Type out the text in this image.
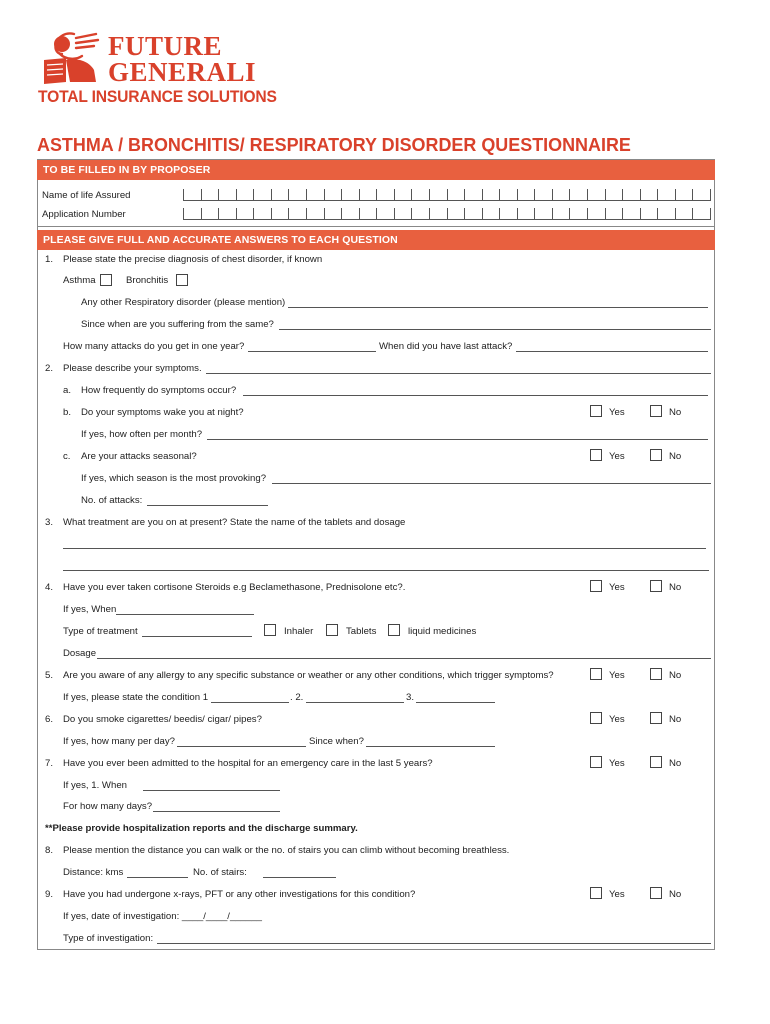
FUTURE
GENERALI
TOTAL INSURANCE SOLUTIONS
ASTHMA / BRONCHITIS/ RESPIRATORY DISORDER QUESTIONNAIRE
TO BE FILLED IN BY PROPOSER
Name of life Assured
Application Number
PLEASE GIVE FULL AND ACCURATE ANSWERS TO EACH QUESTION
1. Please state the precise diagnosis of chest disorder, if known
Asthma	Bronchitis
Any other Respiratory disorder (please mention)
Since when are you suffering from the same?
How many attacks do you get in one year?	When did you have last attack?
2. Please describe your symptoms.
a. How frequently do symptoms occur?
b. Do your symptoms wake you at night?	Yes	No
If yes, how often per month?
c. Are your attacks seasonal?	Yes	No
If yes, which season is the most provoking?
No. of attacks:
3. What treatment are you on at present? State the name of the tablets and dosage
4. Have you ever taken cortisone Steroids e.g Beclamethasone, Prednisolone etc?.	Yes	No
If yes, When
Type of treatment	Inhaler	Tablets	liquid medicines
Dosage
5. Are you aware of any allergy to any specific substance or weather or any other conditions, which trigger symptoms?	Yes	No
If yes, please state the condition 1	. 2.	3.
6. Do you smoke cigarettes/ beedis/ cigar/ pipes?	Yes	No
If yes, how many per day?	Since when?
7. Have you ever been admitted to the hospital for an emergency care in the last 5 years?	Yes	No
If yes, 1. When
For how many days?
**Please provide hospitalization reports and the discharge summary.
8. Please mention the distance you can walk or the no. of stairs you can climb without becoming breathless.
Distance: kms	No. of stairs:
9. Have you had undergone x-rays, PFT or any other investigations for this condition?	Yes	No
If yes, date of investigation: ____/____/______
Type of investigation:
